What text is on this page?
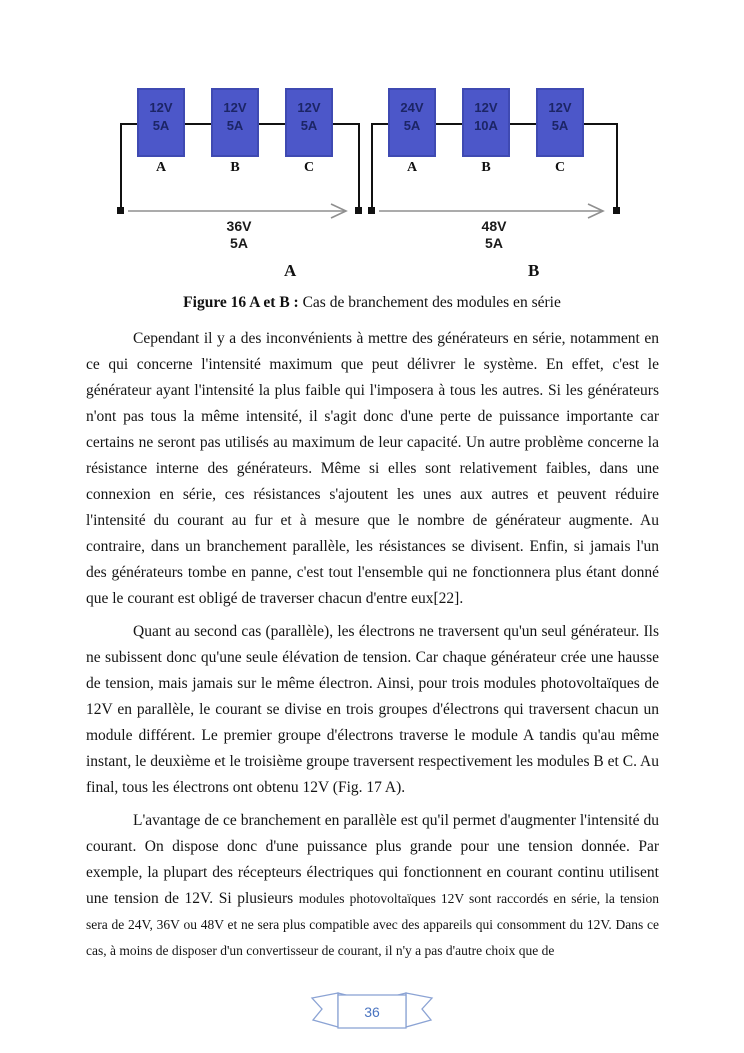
12V
5A
12V
5A
12V
5A
A	B	C
36V
5A
24V
5A
12V
10A
12V
5A
A	B	C
48V
5A
A	B
Figure 16 A et B : Cas de branchement des modules en série

Cependant il y a des inconvénients à mettre des générateurs en série, notamment en ce qui concerne l'intensité maximum que peut délivrer le système. En effet, c'est le générateur ayant l'intensité la plus faible qui l'imposera à tous les autres. Si les générateurs n'ont pas tous la même intensité, il s'agit donc d'une perte de puissance importante car certains ne seront pas utilisés au maximum de leur capacité. Un autre problème concerne la résistance interne des générateurs. Même si elles sont relativement faibles, dans une connexion en série, ces résistances s'ajoutent les unes aux autres et peuvent réduire l'intensité du courant au fur et à mesure que le nombre de générateur augmente. Au contraire, dans un branchement parallèle, les résistances se divisent. Enfin, si jamais l'un des générateurs tombe en panne, c'est tout l'ensemble qui ne fonctionnera plus étant donné que le courant est obligé de traverser chacun d'entre eux[22].

Quant au second cas (parallèle), les électrons ne traversent qu'un seul générateur. Ils ne subissent donc qu'une seule élévation de tension. Car chaque générateur crée une hausse de tension, mais jamais sur le même électron. Ainsi, pour trois modules photovoltaïques de 12V en parallèle, le courant se divise en trois groupes d'électrons qui traversent chacun un module différent. Le premier groupe d'électrons traverse le module A tandis qu'au même instant, le deuxième et le troisième groupe traversent respectivement les modules B et C. Au final, tous les électrons ont obtenu 12V (Fig. 17 A).

L'avantage de ce branchement en parallèle est qu'il permet d'augmenter l'intensité du courant. On dispose donc d'une puissance plus grande pour une tension donnée. Par exemple, la plupart des récepteurs électriques qui fonctionnent en courant continu utilisent une tension de 12V. Si plusieurs modules photovoltaïques 12V sont raccordés en série, la tension sera de 24V, 36V ou 48V et ne sera plus compatible avec des appareils qui consomment du 12V. Dans ce cas, à moins de disposer d'un convertisseur de courant, il n'y a pas d'autre choix que de

36
